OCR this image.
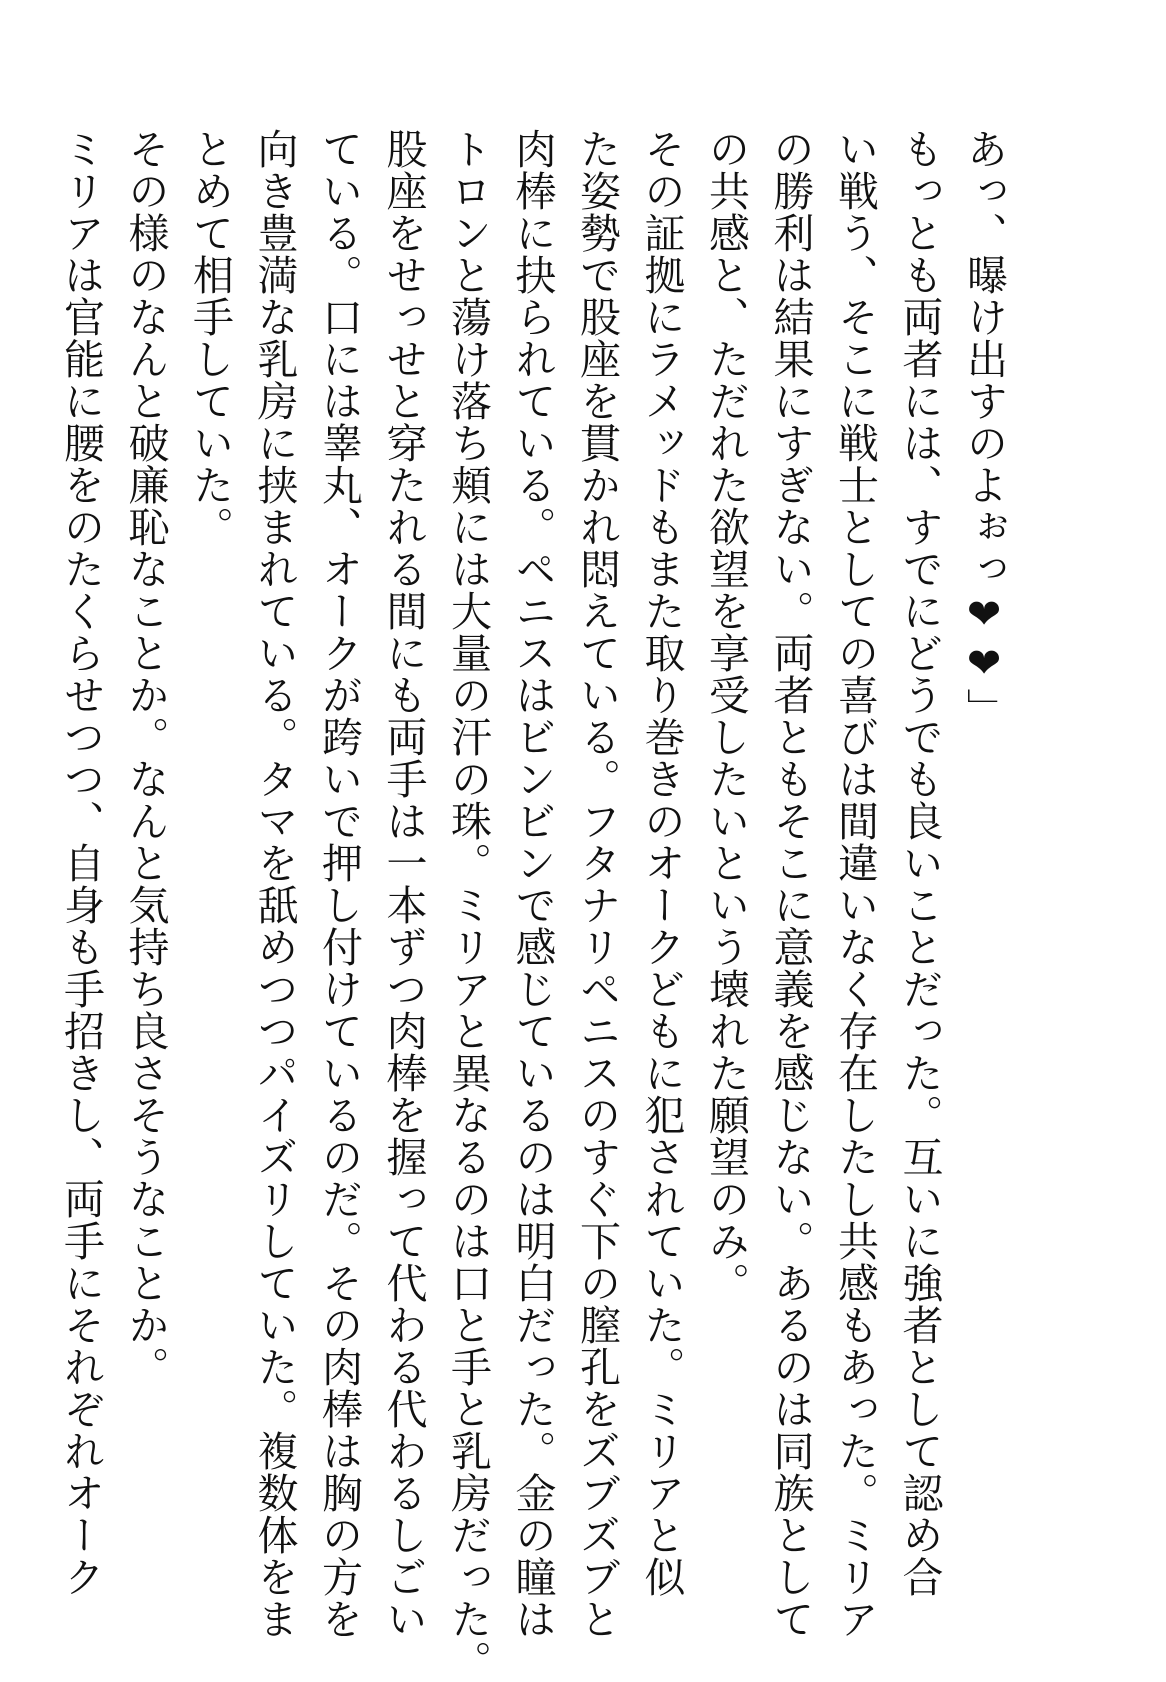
あっ、曝け出すのよぉっ❤❤」
もっとも両者には、すでにどうでも良いことだった。互いに強者として認め合
い戦う、そこに戦士としての喜びは間違いなく存在したし共感もあった。ミリア
の勝利は結果にすぎない。両者ともそこに意義を感じない。あるのは同族として
の共感と、ただれた欲望を享受したいという壊れた願望のみ。
その証拠にラメッドもまた取り巻きのオークどもに犯されていた。ミリアと似
た姿勢で股座を貫かれ悶えている。フタナリペニスのすぐ下の膣孔をズブズブと
肉棒に抉られている。ペニスはビンビンで感じているのは明白だった。金の瞳は
トロンと蕩け落ち頬には大量の汗の珠。ミリアと異なるのは口と手と乳房だった。
股座をせっせと穿たれる間にも両手は一本ずつ肉棒を握って代わる代わるしごい
ている。口には睾丸、オークが跨いで押し付けているのだ。その肉棒は胸の方を
向き豊満な乳房に挟まれている。タマを舐めつつパイズリしていた。複数体をま
とめて相手していた。
その様のなんと破廉恥なことか。なんと気持ち良さそうなことか。
ミリアは官能に腰をのたくらせつつ、自身も手招きし、両手にそれぞれオーク
